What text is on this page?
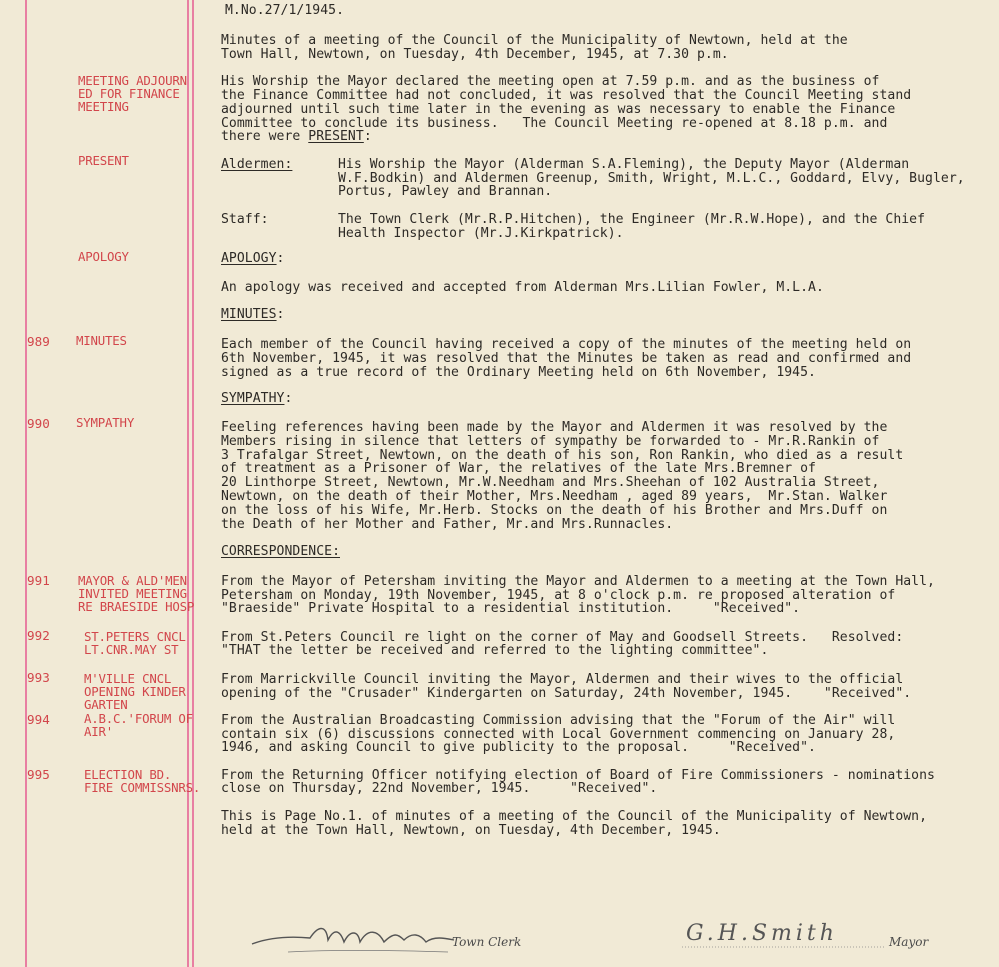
M.No.27/1/1945.
Minutes of a meeting of the Council of the Municipality of Newtown, held at the
Town Hall, Newtown, on Tuesday, 4th December, 1945, at 7.30 p.m.
MEETING ADJOURN
ED FOR FINANCE
MEETING
His Worship the Mayor declared the meeting open at 7.59 p.m. and as the business of
the Finance Committee had not concluded, it was resolved that the Council Meeting stand
adjourned until such time later in the evening as was necessary to enable the Finance
Committee to conclude its business.   The Council Meeting re-opened at 8.18 p.m. and
there were PRESENT:
PRESENT	Aldermen:	His Worship the Mayor (Alderman S.A.Fleming), the Deputy Mayor (Alderman
W.F.Bodkin) and Aldermen Greenup, Smith, Wright, M.L.C., Goddard, Elvy, Bugler,
Portus, Pawley and Brannan.
Staff:	The Town Clerk (Mr.R.P.Hitchen), the Engineer (Mr.R.W.Hope), and the Chief
Health Inspector (Mr.J.Kirkpatrick).
APOLOGY	APOLOGY:
An apology was received and accepted from Alderman Mrs.Lilian Fowler, M.L.A.
MINUTES:
989 MINUTES	Each member of the Council having received a copy of the minutes of the meeting held on
6th November, 1945, it was resolved that the Minutes be taken as read and confirmed and
signed as a true record of the Ordinary Meeting held on 6th November, 1945.
SYMPATHY:
990 SYMPATHY	Feeling references having been made by the Mayor and Aldermen it was resolved by the
Members rising in silence that letters of sympathy be forwarded to - Mr.R.Rankin of
3 Trafalgar Street, Newtown, on the death of his son, Ron Rankin, who died as a result
of treatment as a Prisoner of War, the relatives of the late Mrs.Bremner of
20 Linthorpe Street, Newtown, Mr.W.Needham and Mrs.Sheehan of 102 Australia Street,
Newtown, on the death of their Mother, Mrs.Needham , aged 89 years,  Mr.Stan. Walker
on the loss of his Wife, Mr.Herb. Stocks on the death of his Brother and Mrs.Duff on
the Death of her Mother and Father, Mr.and Mrs.Runnacles.
CORRESPONDENCE:
991 MAYOR & ALD'MEN
INVITED MEETING
RE BRAESIDE HOSP
From the Mayor of Petersham inviting the Mayor and Aldermen to a meeting at the Town Hall,
Petersham on Monday, 19th November, 1945, at 8 o'clock p.m. re proposed alteration of
"Braeside" Private Hospital to a residential institution.     "Received".
992	ST.PETERS CNCL
LT.CNR.MAY ST
From St.Peters Council re light on the corner of May and Goodsell Streets.   Resolved:
"THAT the letter be received and referred to the lighting committee".
993	M'VILLE CNCL
OPENING KINDER
GARTEN
From Marrickville Council inviting the Mayor, Aldermen and their wives to the official
opening of the "Crusader" Kindergarten on Saturday, 24th November, 1945.    "Received".
994	A.B.C.'FORUM OF
AIR'
From the Australian Broadcasting Commission advising that the "Forum of the Air" will
contain six (6) discussions connected with Local Government commencing on January 28,
1946, and asking Council to give publicity to the proposal.     "Received".
995	ELECTION BD.
FIRE COMMISSNRS.
From the Returning Officer notifying election of Board of Fire Commissioners - nominations
close on Thursday, 22nd November, 1945.     "Received".
This is Page No.1. of minutes of a meeting of the Council of the Municipality of Newtown,
held at the Town Hall, Newtown, on Tuesday, 4th December, 1945.
Town Clerk	G.H.Smith	Mayor
